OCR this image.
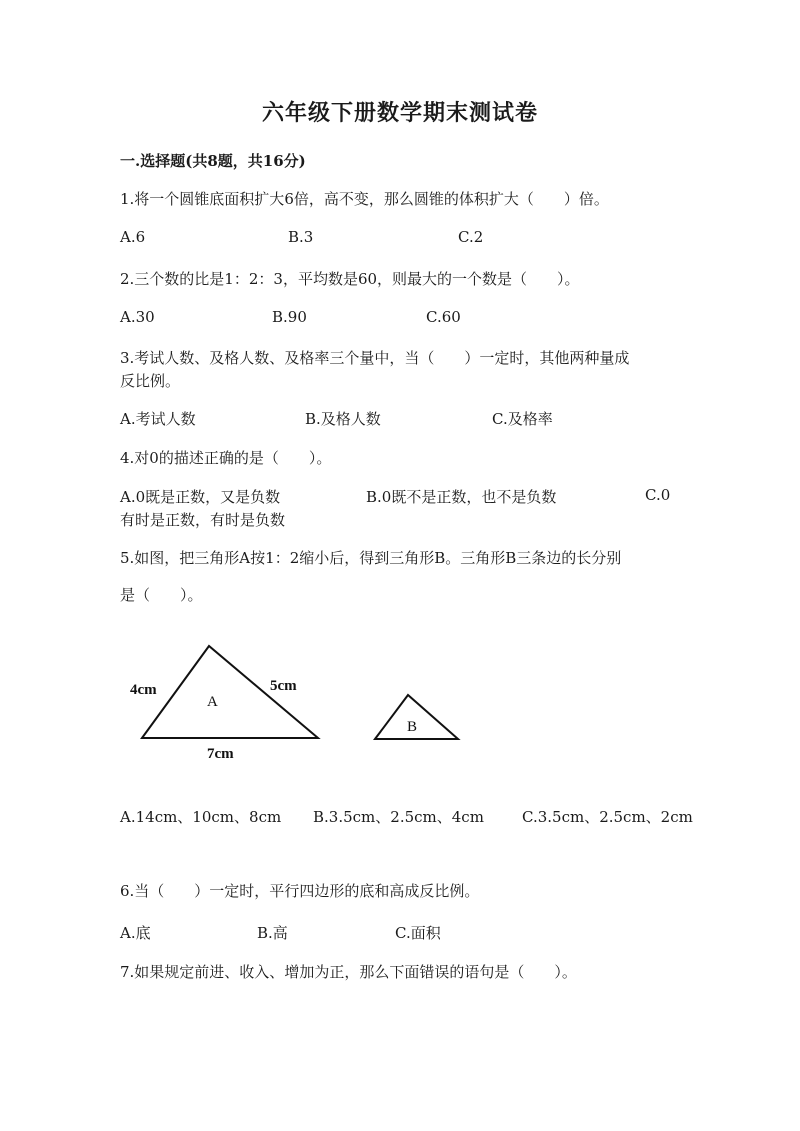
六年级下册数学期末测试卷
一.选择题(共8题，共16分)
1.将一个圆锥底面积扩大6倍，高不变，那么圆锥的体积扩大（　　）倍。
A.6	B.3	C.2
2.三个数的比是1：2：3，平均数是60，则最大的一个数是（　　）。
A.30	B.90	C.60
3.考试人数、及格人数、及格率三个量中，当（　　）一定时，其他两种量成
反比例。
A.考试人数	B.及格人数	C.及格率
4.对0的描述正确的是（　　）。
A.0既是正数，又是负数	B.0既不是正数，也不是负数	C.0
有时是正数，有时是负数
5.如图，把三角形A按1：2缩小后，得到三角形B。三角形B三条边的长分别
是（　　）。
4cm	5cm
7cm
A
B
A.14cm、10cm、8cm B.3.5cm、2.5cm、4cm	C.3.5cm、2.5cm、2cm
6.当（　　）一定时，平行四边形的底和高成反比例。
A.底	B.高	C.面积
7.如果规定前进、收入、增加为正，那么下面错误的语句是（　　）。
